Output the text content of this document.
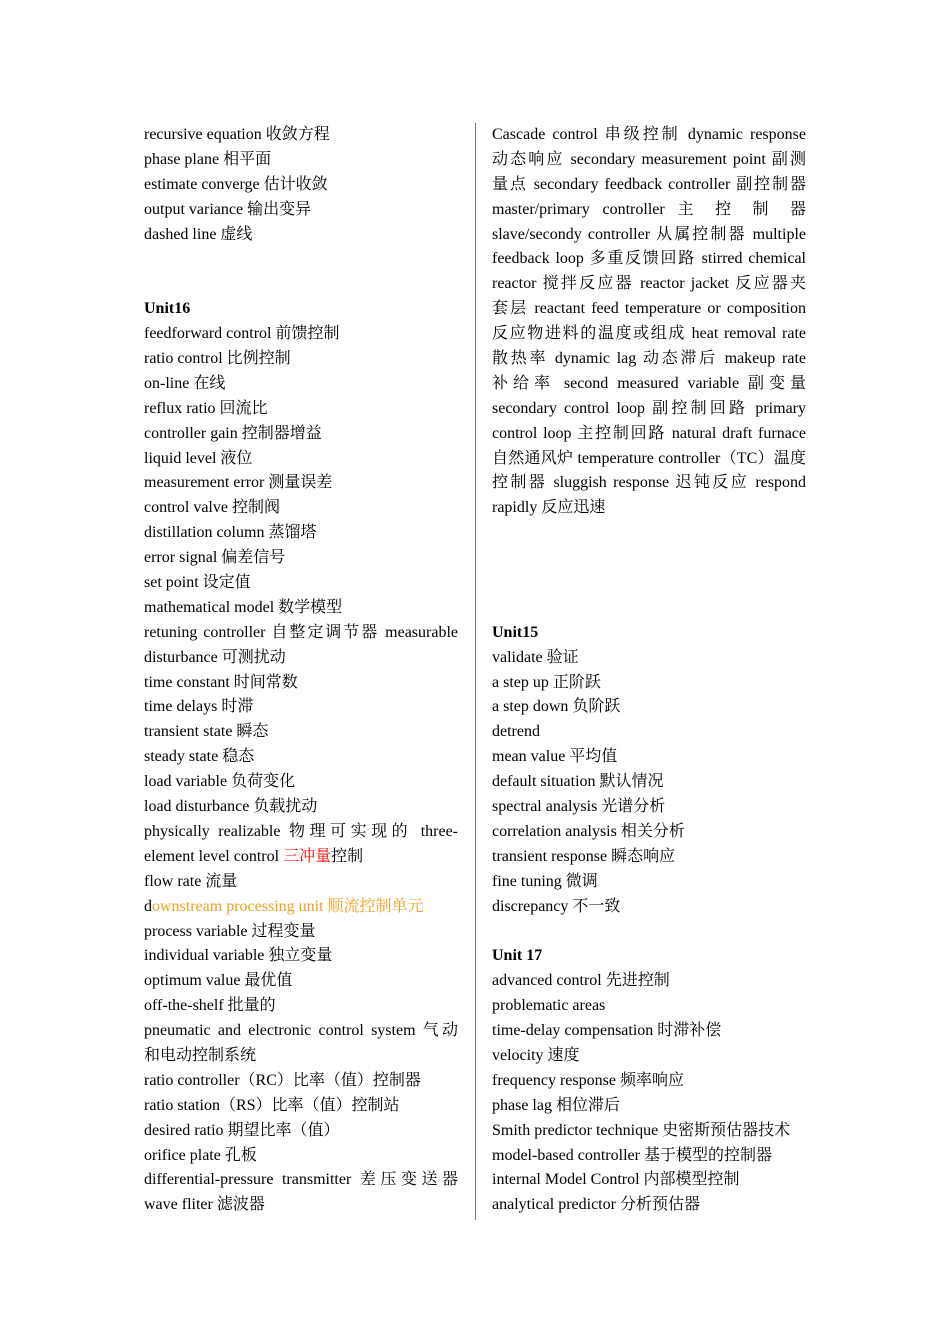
recursive equation 收敛方程
phase plane 相平面
estimate converge 估计收敛
output variance 输出变异
dashed line 虚线
Unit16
feedforward control 前馈控制
ratio control 比例控制
on-line 在线
reflux ratio 回流比
controller gain 控制器增益
liquid level 液位
measurement error 测量误差
control valve 控制阀
distillation column 蒸馏塔
error signal 偏差信号
set point 设定值
mathematical model 数学模型
retuning controller 自整定调节器 measurable
disturbance 可测扰动
time constant 时间常数
time delays 时滞
transient state 瞬态
steady state 稳态
load variable 负荷变化
load disturbance 负载扰动
physically realizable 物理可实现的 three-
element level control 三冲量控制
flow rate 流量
downstream processing unit 顺流控制单元
process variable 过程变量
individual variable 独立变量
optimum value 最优值
off-the-shelf 批量的
pneumatic and electronic control system 气动
和电动控制系统
ratio controller（RC）比率（值）控制器
ratio station（RS）比率（值）控制站
desired ratio 期望比率（值）
orifice plate 孔板
differential-pressure transmitter 差压变送器
wave fliter 滤波器
Cascade control 串级控制 dynamic response
动态响应 secondary measurement point 副测
量点 secondary feedback controller 副控制器
master/primary controller 主 控 制 器
slave/secondy controller 从属控制器 multiple
feedback loop 多重反馈回路 stirred chemical
reactor 搅拌反应器 reactor jacket 反应器夹
套层 reactant feed temperature or composition
反应物进料的温度或组成 heat removal rate
散热率 dynamic lag 动态滞后 makeup rate
补给率 second measured variable 副变量
secondary control loop 副控制回路 primary
control loop 主控制回路 natural draft furnace
自然通风炉 temperature controller（TC）温度
控制器 sluggish response 迟钝反应 respond
rapidly 反应迅速
Unit15
validate 验证
a step up 正阶跃
a step down 负阶跃
detrend
mean value 平均值
default situation 默认情况
spectral analysis 光谱分析
correlation analysis 相关分析
transient response 瞬态响应
fine tuning 微调
discrepancy 不一致
Unit 17
advanced control 先进控制
problematic areas
time-delay compensation 时滞补偿
velocity 速度
frequency response 频率响应
phase lag 相位滞后
Smith predictor technique 史密斯预估器技术
model-based controller 基于模型的控制器
internal Model Control 内部模型控制
analytical predictor 分析预估器
